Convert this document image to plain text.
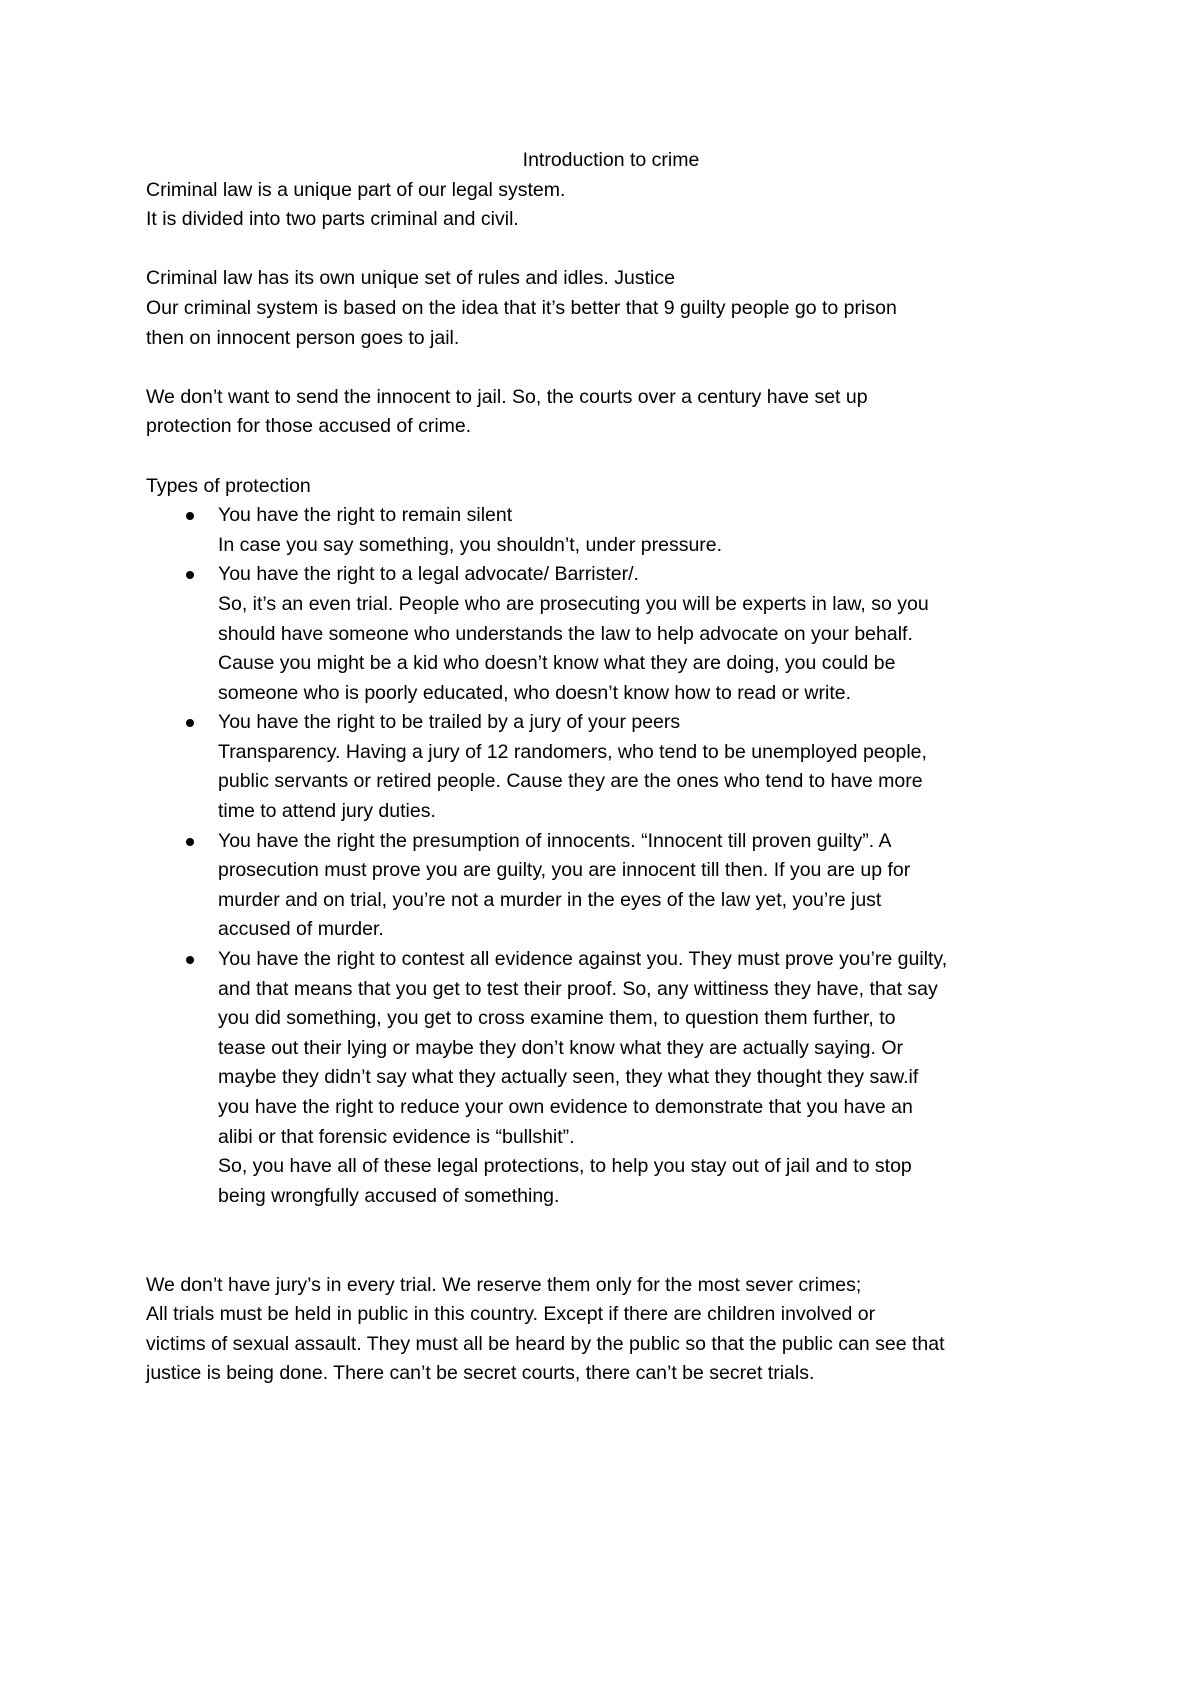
Introduction to crime

Criminal law is a unique part of our legal system.

It is divided into two parts criminal and civil.

Criminal law has its own unique set of rules and idles. Justice

Our criminal system is based on the idea that it’s better that 9 guilty people go to prison

then on innocent person goes to jail.

We don’t want to send the innocent to jail. So, the courts over a century have set up

protection for those accused of crime.

Types of protection

You have the right to remain silent
In case you say something, you shouldn’t, under pressure.
You have the right to a legal advocate/ Barrister/.
So, it’s an even trial. People who are prosecuting you will be experts in law, so you
should have someone who understands the law to help advocate on your behalf.
Cause you might be a kid who doesn’t know what they are doing, you could be
someone who is poorly educated, who doesn’t know how to read or write.
You have the right to be trailed by a jury of your peers
Transparency. Having a jury of 12 randomers, who tend to be unemployed people,
public servants or retired people. Cause they are the ones who tend to have more
time to attend jury duties.
You have the right the presumption of innocents. “Innocent till proven guilty”. A
prosecution must prove you are guilty, you are innocent till then. If you are up for
murder and on trial, you’re not a murder in the eyes of the law yet, you’re just
accused of murder.
You have the right to contest all evidence against you. They must prove you’re guilty,
and that means that you get to test their proof. So, any wittiness they have, that say
you did something, you get to cross examine them, to question them further, to
tease out their lying or maybe they don’t know what they are actually saying. Or
maybe they didn’t say what they actually seen, they what they thought they saw.if
you have the right to reduce your own evidence to demonstrate that you have an
alibi or that forensic evidence is “bullshit”.
So, you have all of these legal protections, to help you stay out of jail and to stop
being wrongfully accused of something.

We don’t have jury’s in every trial. We reserve them only for the most sever crimes;

All trials must be held in public in this country. Except if there are children involved or

victims of sexual assault. They must all be heard by the public so that the public can see that

justice is being done. There can’t be secret courts, there can’t be secret trials.
